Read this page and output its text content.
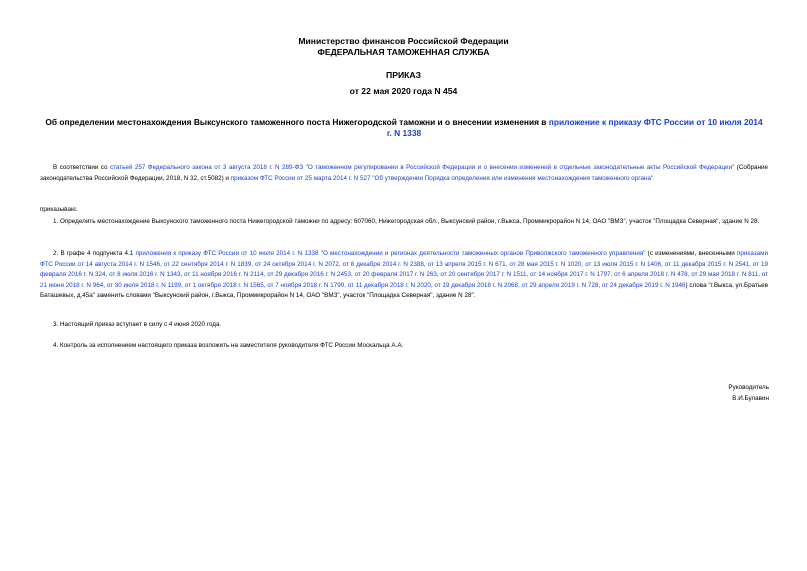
Министерство финансов Российской Федерации
ФЕДЕРАЛЬНАЯ ТАМОЖЕННАЯ СЛУЖБА
ПРИКАЗ
от 22 мая 2020 года N 454
Об определении местонахождения Выксунского таможенного поста Нижегородской таможни и о внесении изменения в приложение к приказу ФТС России от 10 июля 2014 г. N 1338
В соответствии со статьей 257 Федерального закона от 3 августа 2018 г. N 289-ФЗ "О таможенном регулировании в Российской Федерации и о внесении изменений в отдельные законодательные акты Российской Федерации" (Собрание законодательства Российской Федерации, 2018, N 32, ст.5082) и приказом ФТС России от 25 марта 2014 г. N 527 "Об утверждении Порядка определения или изменения местонахождения таможенного органа"
приказываю:
1. Определить местонахождение Выксунского таможенного поста Нижегородской таможни по адресу: 607060, Нижегородская обл., Выксунский район, г.Выкса, Проммикрорайон N 14, ОАО "ВМЗ", участок "Площадка Северная", здание N 28.
2. В графе 4 подпункта 4.1 приложения к приказу ФТС России от 10 июля 2014 г. N 1338 "О местонахождении и регионах деятельности таможенных органов Приволжского таможенного управления" (с изменениями, внесенными приказами ФТС России от 14 августа 2014 г. N 1546, от 22 сентября 2014 г. N 1839, от 24 октября 2014 г. N 2072, от 8 декабря 2014 г. N 2388, от 13 апреля 2015 г. N 671, от 28 мая 2015 г. N 1020, от 13 июля 2015 г. N 1406, от 11 декабря 2015 г. N 2541, от 19 февраля 2016 г. N 324, от 8 июля 2016 г. N 1343, от 11 ноября 2016 г. N 2114, от 29 декабря 2016 г. N 2453, от 20 февраля 2017 г. N 263, от 20 сентября 2017 г. N 1511, от 14 ноября 2017 г. N 1797, от 6 апреля 2018 г. N 478, от 29 мая 2018 г. N 811, от 21 июня 2018 г. N 964, от 30 июля 2018 г. N 1199, от 1 октября 2018 г. N 1565, от 7 ноября 2018 г. N 1790, от 11 декабря 2018 г. N 2020, от 19 декабря 2018 г. N 2068, от 29 апреля 2019 г. N 728, от 24 декабря 2019 г. N 1946) слова "г.Выкса, ул.Братьев Баташевых, д.45а" заменить словами "Выксунский район, г.Выкса, Проммикрорайон N 14, ОАО "ВМЗ", участок "Площадка Северная", здание N 28".
3. Настоящий приказ вступает в силу с 4 июня 2020 года.
4. Контроль за исполнением настоящего приказа возложить на заместителя руководителя ФТС России Москальца А.А.
Руководитель
В.И.Булавин
